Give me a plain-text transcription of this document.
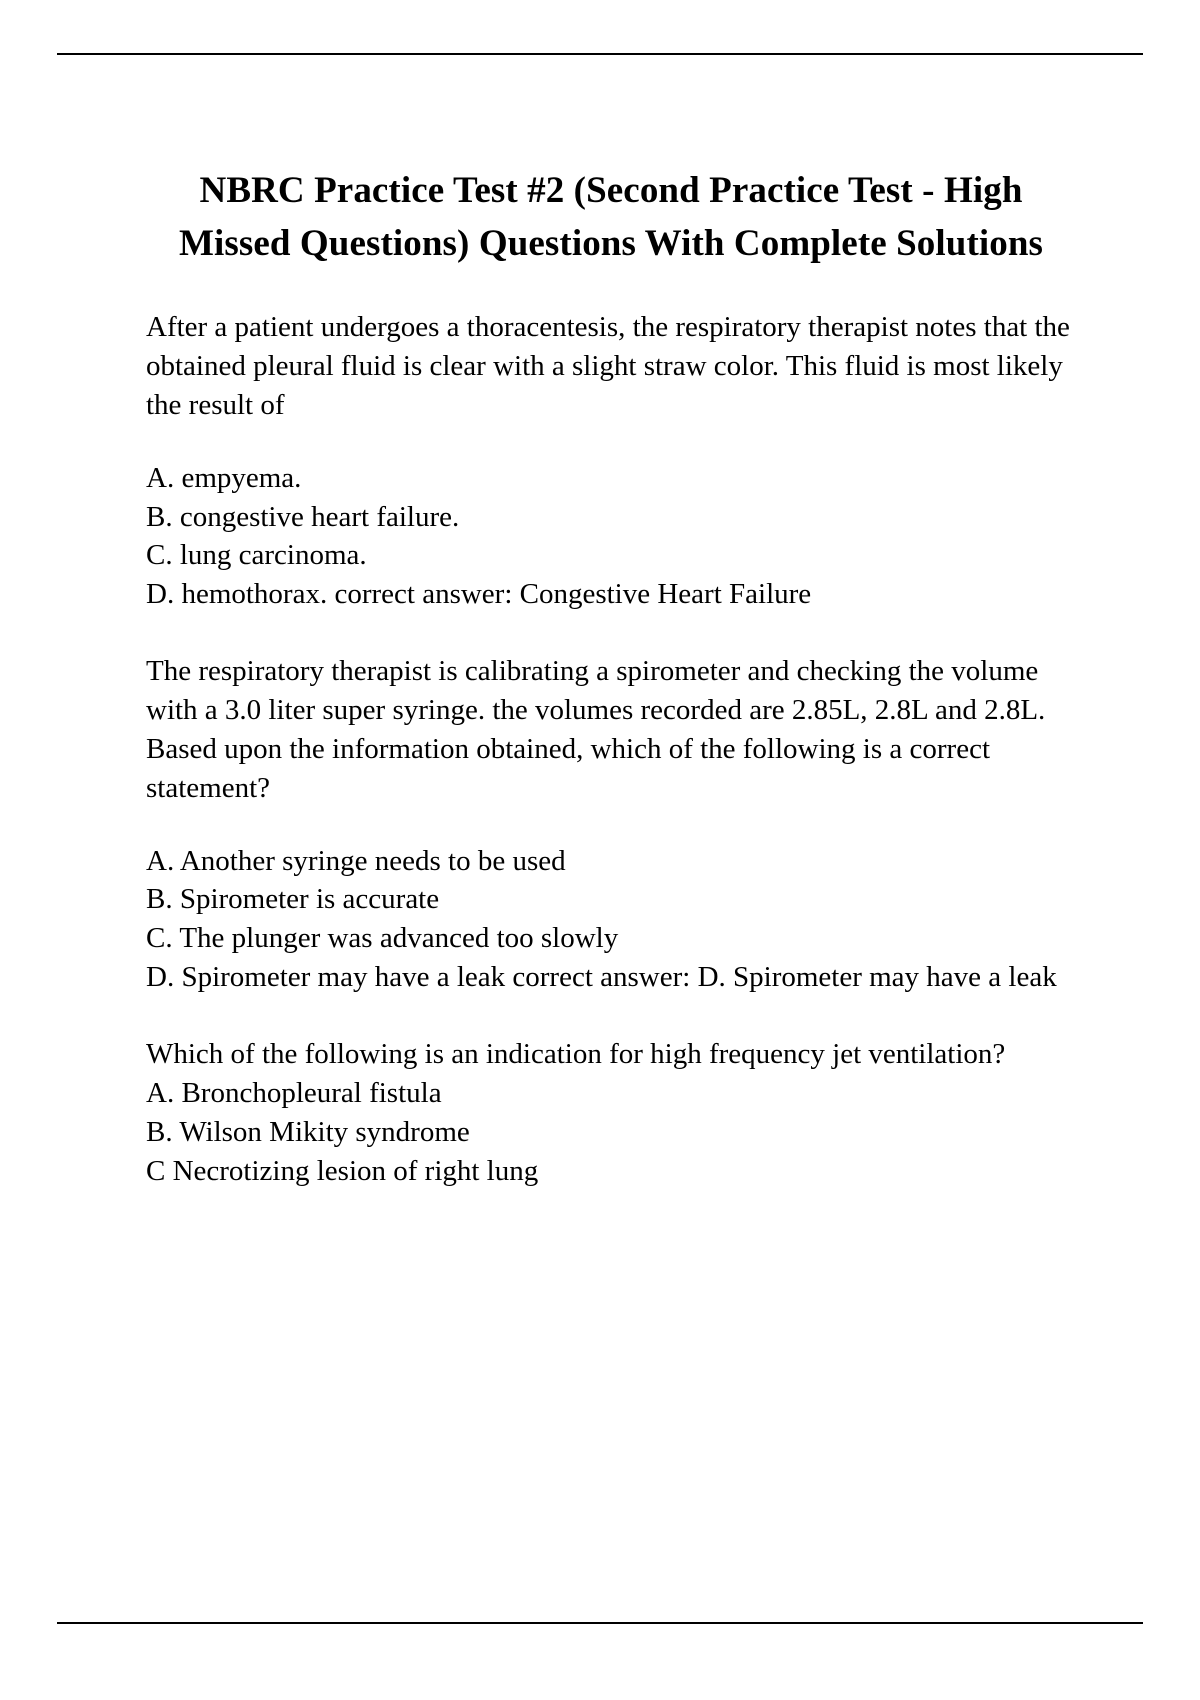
NBRC Practice Test #2 (Second Practice Test - High Missed Questions) Questions With Complete Solutions

After a patient undergoes a thoracentesis, the respiratory therapist notes that the obtained pleural fluid is clear with a slight straw color. This fluid is most likely the result of

A. empyema.
B. congestive heart failure.
C. lung carcinoma.
D. hemothorax. correct answer: Congestive Heart Failure

The respiratory therapist is calibrating a spirometer and checking the volume with a 3.0 liter super syringe. the volumes recorded are 2.85L, 2.8L and 2.8L. Based upon the information obtained, which of the following is a correct statement?

A. Another syringe needs to be used
B. Spirometer is accurate
C. The plunger was advanced too slowly
D. Spirometer may have a leak correct answer: D. Spirometer may have a leak

Which of the following is an indication for high frequency jet ventilation?

A. Bronchopleural fistula
B. Wilson Mikity syndrome
C Necrotizing lesion of right lung
